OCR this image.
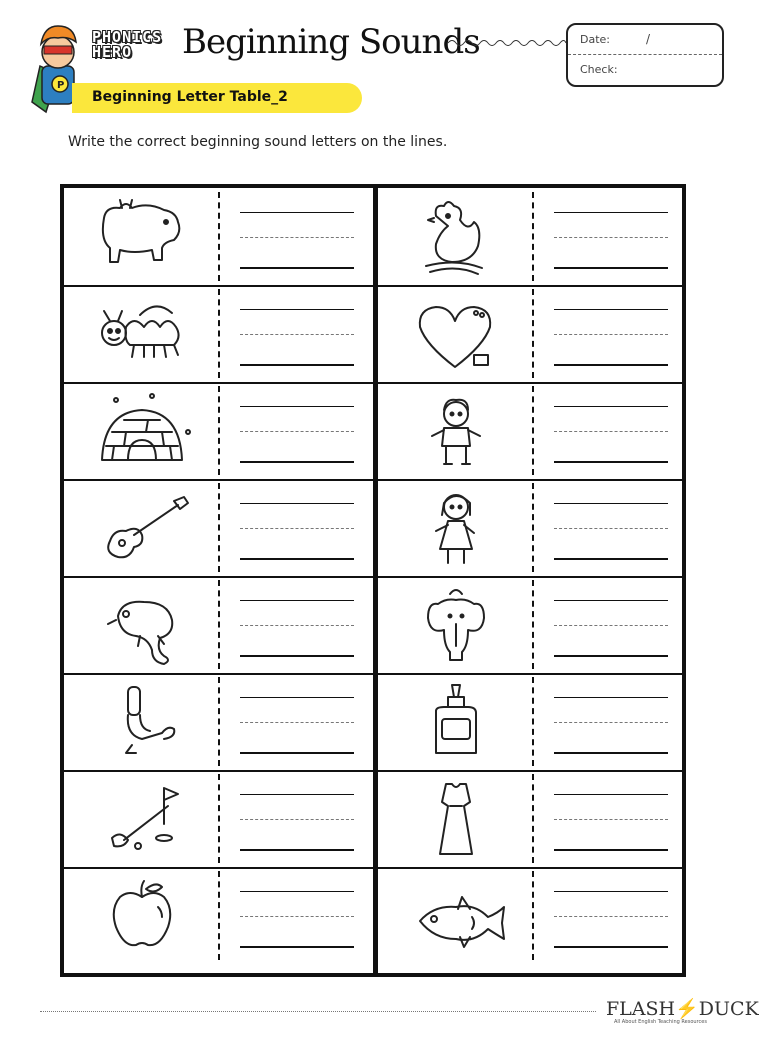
P
PHONICS
HERO	Beginning Sounds	Date:	/
Check:
Beginning Letter Table_2
Write the correct beginning sound letters on the lines.
FLASH⚡DUCK
All About English Teaching Resources
